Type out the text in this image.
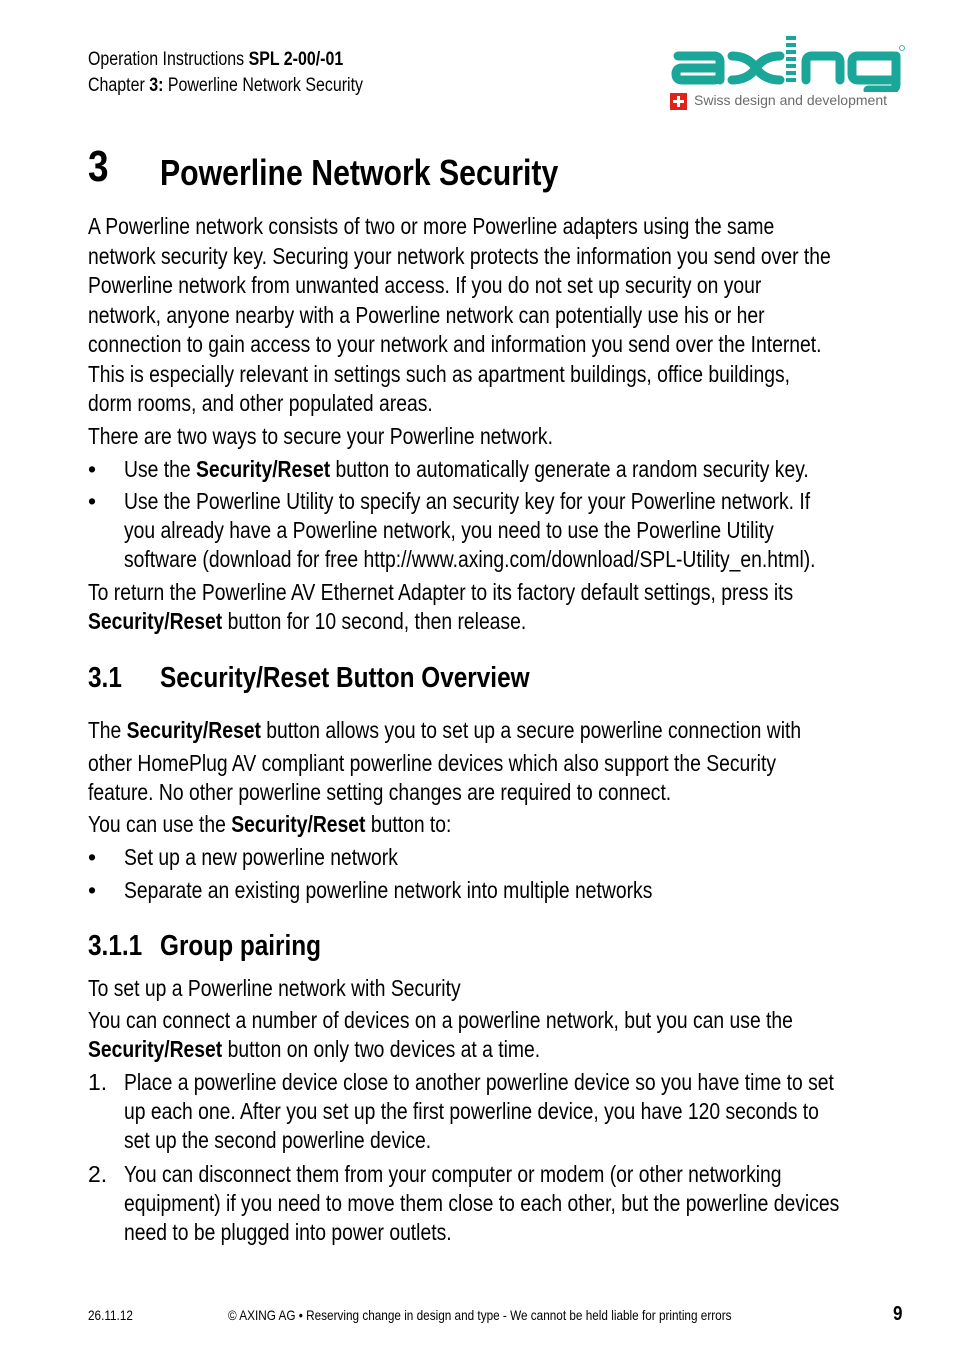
Operation Instructions SPL 2-00/-01
Chapter 3: Powerline Network Security
Swiss design and development
3 Powerline Network Security
A Powerline network consists of two or more Powerline adapters using the same
network security key. Securing your network protects the information you send over the
Powerline network from unwanted access. If you do not set up security on your
network, anyone nearby with a Powerline network can potentially use his or her
connection to gain access to your network and information you send over the Internet.
This is especially relevant in settings such as apartment buildings, office buildings,
dorm rooms, and other populated areas.
There are two ways to secure your Powerline network.
• Use the Security/Reset button to automatically generate a random security key.
• Use the Powerline Utility to specify an security key for your Powerline network. If
you already have a Powerline network, you need to use the Powerline Utility
software (download for free http://www.axing.com/download/SPL-Utility_en.html).
To return the Powerline AV Ethernet Adapter to its factory default settings, press its
Security/Reset button for 10 second, then release.
3.1 Security/Reset Button Overview
The Security/Reset button allows you to set up a secure powerline connection with
other HomePlug AV compliant powerline devices which also support the Security
feature. No other powerline setting changes are required to connect.
You can use the Security/Reset button to:
• Set up a new powerline network
• Separate an existing powerline network into multiple networks
3.1.1 Group pairing
To set up a Powerline network with Security
You can connect a number of devices on a powerline network, but you can use the
Security/Reset button on only two devices at a time.
1. Place a powerline device close to another powerline device so you have time to set
up each one. After you set up the first powerline device, you have 120 seconds to
set up the second powerline device.
2. You can disconnect them from your computer or modem (or other networking
equipment) if you need to move them close to each other, but the powerline devices
need to be plugged into power outlets.
26.11.12	© AXING AG • Reserving change in design and type - We cannot be held liable for printing errors	9
